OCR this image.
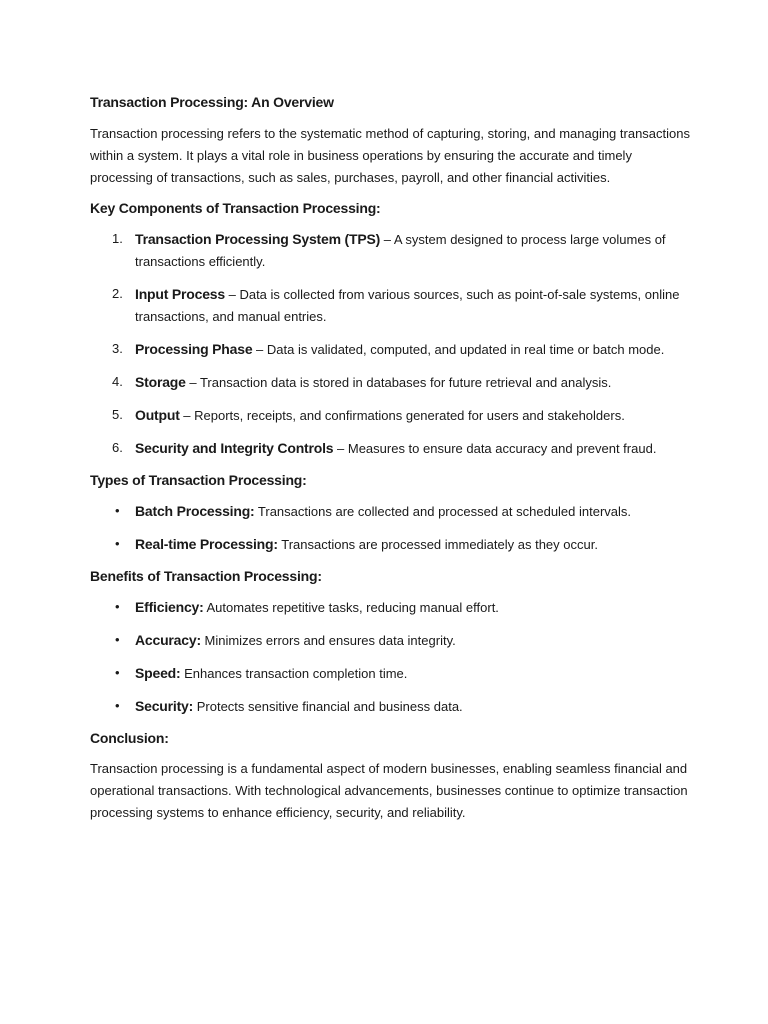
Transaction Processing: An Overview

Transaction processing refers to the systematic method of capturing, storing, and managing transactions within a system. It plays a vital role in business operations by ensuring the accurate and timely processing of transactions, such as sales, purchases, payroll, and other financial activities.

Key Components of Transaction Processing:
1. Transaction Processing System (TPS) – A system designed to process large volumes of transactions efficiently.
2. Input Process – Data is collected from various sources, such as point-of-sale systems, online transactions, and manual entries.
3. Processing Phase – Data is validated, computed, and updated in real time or batch mode.
4. Storage – Transaction data is stored in databases for future retrieval and analysis.
5. Output – Reports, receipts, and confirmations generated for users and stakeholders.
6. Security and Integrity Controls – Measures to ensure data accuracy and prevent fraud.
Types of Transaction Processing:
• Batch Processing: Transactions are collected and processed at scheduled intervals.
• Real-time Processing: Transactions are processed immediately as they occur.
Benefits of Transaction Processing:
• Efficiency: Automates repetitive tasks, reducing manual effort.
• Accuracy: Minimizes errors and ensures data integrity.
• Speed: Enhances transaction completion time.
• Security: Protects sensitive financial and business data.
Conclusion:

Transaction processing is a fundamental aspect of modern businesses, enabling seamless financial and operational transactions. With technological advancements, businesses continue to optimize transaction processing systems to enhance efficiency, security, and reliability.
